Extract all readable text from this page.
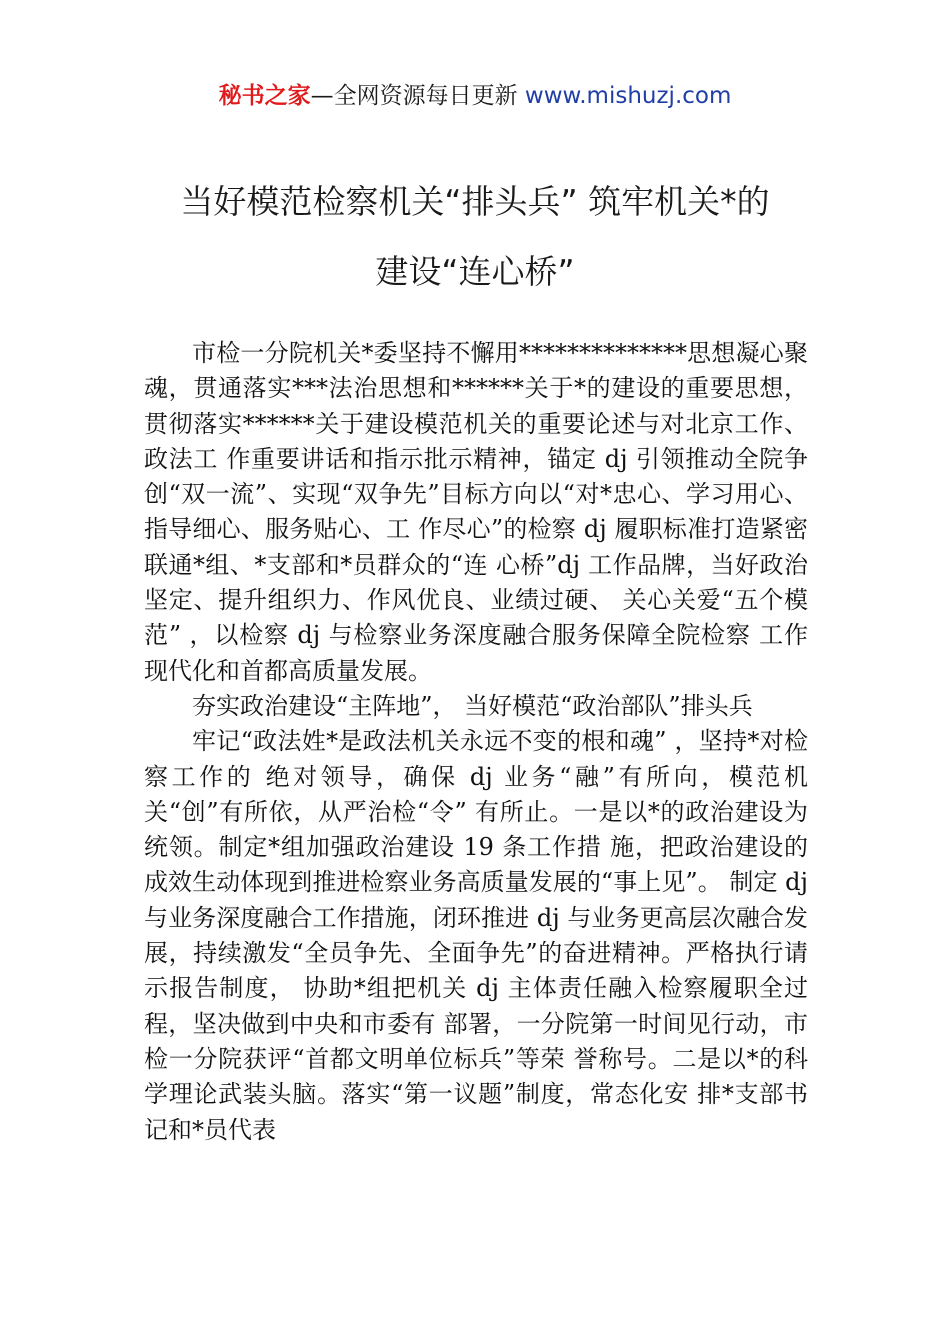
秘书之家—全网资源每日更新 www.mishuzj.com
当好模范检察机关“排头兵” 筑牢机关*的
建设“连心桥”

市检一分院机关*委坚持不懈用**************思想凝心聚魂，贯通落实***法治思想和******关于*的建设的重要思想， 贯彻落实******关于建设模范机关的重要论述与对北京工作、政法工 作重要讲话和指示批示精神，锚定 dj 引领推动全院争创“双一流”、实现“双争先”目标方向以“对*忠心、学习用心、指导细心、服务贴心、工 作尽心”的检察 dj 履职标准打造紧密联通*组、*支部和*员群众的“连 心桥”dj 工作品牌，当好政治坚定、提升组织力、作风优良、业绩过硬、 关心关爱“五个模范” ，以检察 dj 与检察业务深度融合服务保障全院检察 工作现代化和首都高质量发展。

夯实政治建设“主阵地”， 当好模范“政治部队”排头兵

牢记“政法姓*是政法机关永远不变的根和魂” ，坚持*对检察工作的 绝对领导，确保 dj 业务“融”有所向，模范机关“创”有所依，从严治检“令” 有所止。一是以*的政治建设为统领。制定*组加强政治建设 19 条工作措 施，把政治建设的成效生动体现到推进检察业务高质量发展的“事上见”。 制定 dj 与业务深度融合工作措施，闭环推进 dj 与业务更高层次融合发 展，持续激发“全员争先、全面争先”的奋进精神。严格执行请示报告制度， 协助*组把机关 dj 主体责任融入检察履职全过程，坚决做到中央和市委有 部署，一分院第一时间见行动，市检一分院获评“首都文明单位标兵”等荣 誉称号。二是以*的科学理论武装头脑。落实“第一议题”制度，常态化安 排*支部书记和*员代表
